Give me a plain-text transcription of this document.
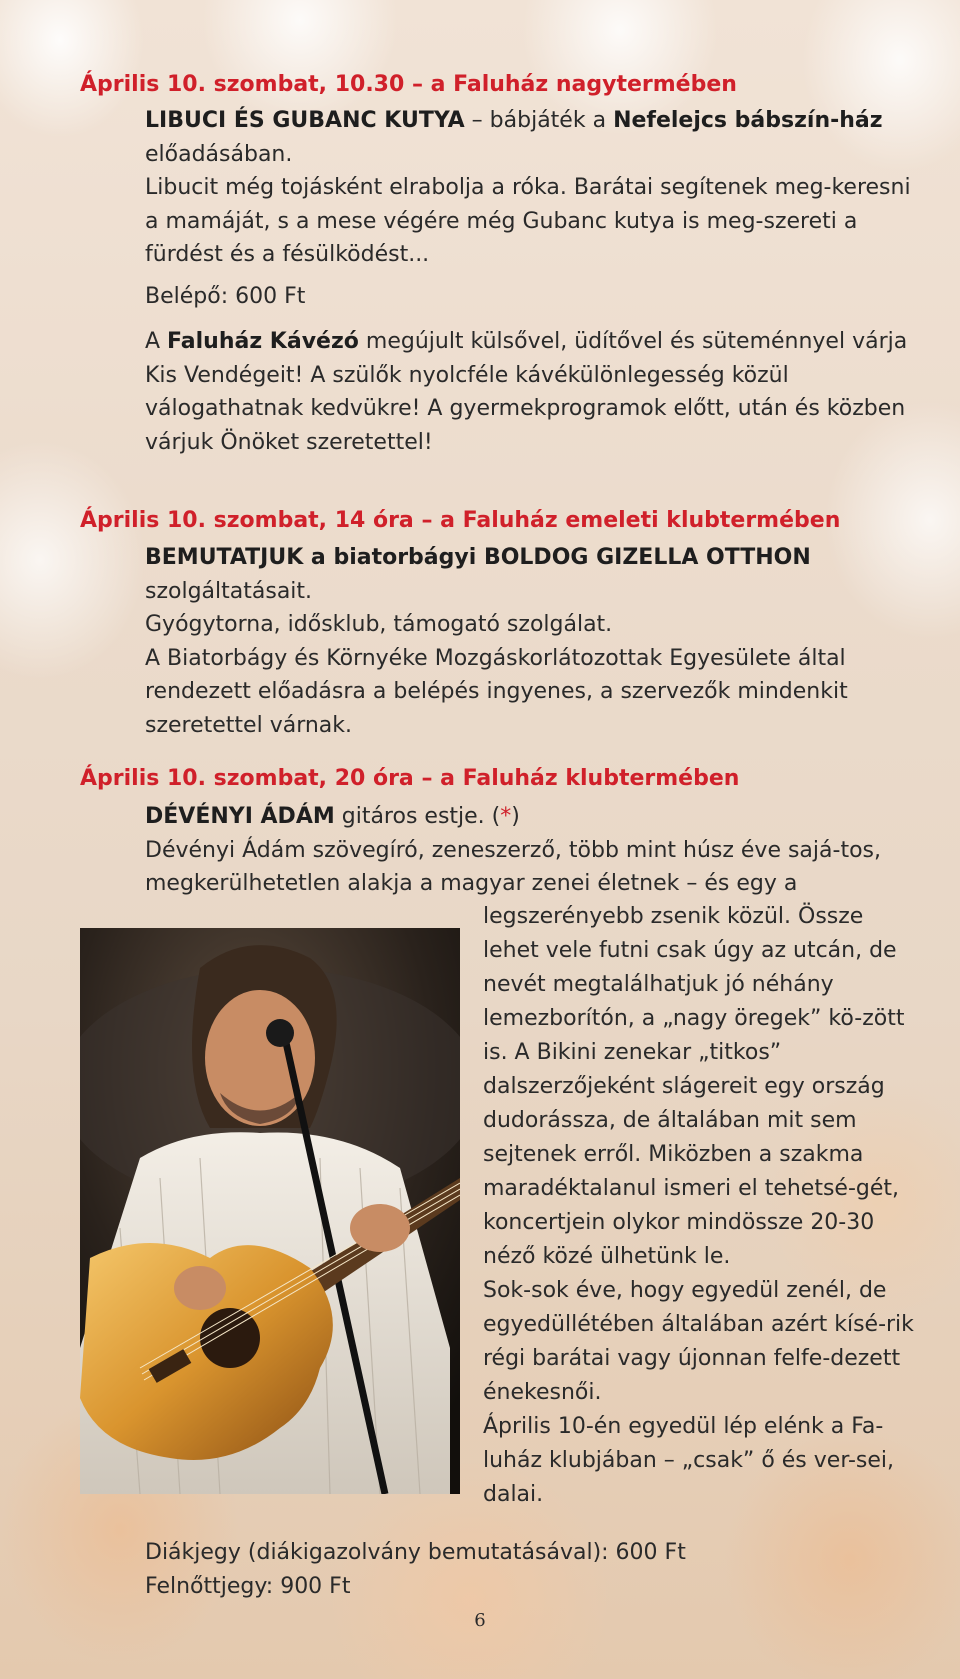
Április 10. szombat, 10.30 – a Faluház nagytermében

LIBUCI ÉS GUBANC KUTYA – bábjáték a Nefelejcs bábszín-ház előadásában.

Libucit még tojásként elrabolja a róka. Barátai segítenek meg-keresni a mamáját, s a mese végére még Gubanc kutya is meg-szereti a fürdést és a fésülködést...

Belépő: 600 Ft

A Faluház Kávézó megújult külsővel, üdítővel és süteménnyel várja Kis Vendégeit! A szülők nyolcféle kávékülönlegesség közül válogathatnak kedvükre! A gyermekprogramok előtt, után és közben várjuk Önöket szeretettel!

Április 10. szombat, 14 óra – a Faluház emeleti klubtermében

BEMUTATJUK a biatorbágyi BOLDOG GIZELLA OTTHON
szolgáltatásait.

Gyógytorna, idősklub, támogató szolgálat.

A Biatorbágy és Környéke Mozgáskorlátozottak Egyesülete által rendezett előadásra a belépés ingyenes, a szervezők mindenkit szeretettel várnak.

Április 10. szombat, 20 óra – a Faluház klubtermében

DÉVÉNYI ÁDÁM gitáros estje. (*)

Dévényi Ádám szövegíró, zeneszerző, több mint húsz éve sajá-tos, megkerülhetetlen alakja a magyar zenei életnek – és egy a

legszerényebb zsenik közül. Össze lehet vele futni csak úgy az utcán, de nevét megtalálhatjuk jó néhány lemezborítón, a „nagy öregek” kö-zött is. A Bikini zenekar „titkos” dalszerzőjeként slágereit egy ország dudorássza, de általában mit sem sejtenek erről. Miközben a szakma maradéktalanul ismeri el tehetsé-gét, koncertjein olykor mindössze 20-30 néző közé ülhetünk le.

Sok-sok éve, hogy egyedül zenél, de egyedüllétében általában azért kísé-rik régi barátai vagy újonnan felfe-dezett énekesnői.

Április 10-én egyedül lép elénk a Fa-luház klubjában – „csak” ő és ver-sei, dalai.

Diákjegy (diákigazolvány bemutatásával): 600 Ft

Felnőttjegy: 900 Ft

6
